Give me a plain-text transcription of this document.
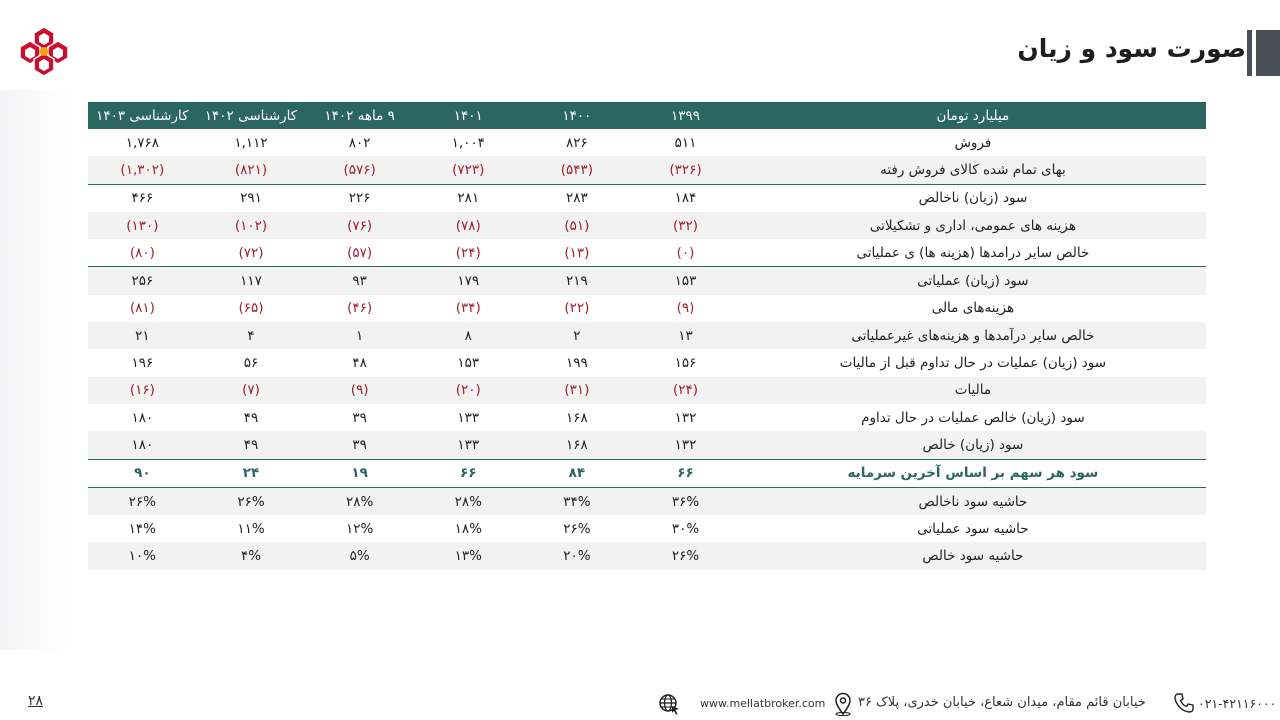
صورت سود و زیان
میلیارد تومان	۱۳۹۹	۱۴۰۰	۱۴۰۱	۹ ماهه ۱۴۰۲	کارشناسی ۱۴۰۲	کارشناسی ۱۴۰۳
فروش	۵۱۱	۸۲۶	۱,۰۰۴	۸۰۲	۱,۱۱۲	۱,۷۶۸
بهای تمام شده کالای فروش رفته	(۳۲۶)	(۵۴۳)	(۷۲۳)	(۵۷۶)	(۸۲۱)	(۱,۳۰۲)
سود (زیان) ناخالص	۱۸۴	۲۸۳	۲۸۱	۲۲۶	۲۹۱	۴۶۶
هزینه های عمومی، اداری و تشکیلاتی	(۳۲)	(۵۱)	(۷۸)	(۷۶)	(۱۰۲)	(۱۳۰)
خالص سایر درامدها (هزینه ها) ی عملیاتی	(۰)	(۱۳)	(۲۴)	(۵۷)	(۷۲)	(۸۰)
سود (زیان) عملیاتی	۱۵۳	۲۱۹	۱۷۹	۹۳	۱۱۷	۲۵۶
هزینه‌های مالی	(۹)	(۲۲)	(۳۴)	(۴۶)	(۶۵)	(۸۱)
خالص سایر درآمدها و هزینه‌های غیرعملیاتی	۱۳	۲	۸	۱	۴	۲۱
سود (زیان) عملیات در حال تداوم قبل از مالیات	۱۵۶	۱۹۹	۱۵۳	۴۸	۵۶	۱۹۶
مالیات	(۲۴)	(۳۱)	(۲۰)	(۹)	(۷)	(۱۶)
سود (زیان) خالص عملیات در حال تداوم	۱۳۲	۱۶۸	۱۳۳	۳۹	۴۹	۱۸۰
سود (زیان) خالص	۱۳۲	۱۶۸	۱۳۳	۳۹	۴۹	۱۸۰
سود هر سهم بر اساس آخرین سرمایه	۶۶	۸۴	۶۶	۱۹	۲۴	۹۰
حاشیه سود ناخالص	۳۶%	۳۴%	۲۸%	۲۸%	۲۶%	۲۶%
حاشیه سود عملیاتی	۳۰%	۲۶%	۱۸%	۱۲%	۱۱%	۱۴%
حاشیه سود خالص	۲۶%	۲۰%	۱۳%	۵%	۴%	۱۰%
۲۸	www.mellatbroker.com	خیابان قائم مقام، میدان شعاع، خیابان خدری، پلاک ۳۶	۰۲۱-۴۲۱۱۶۰۰۰
